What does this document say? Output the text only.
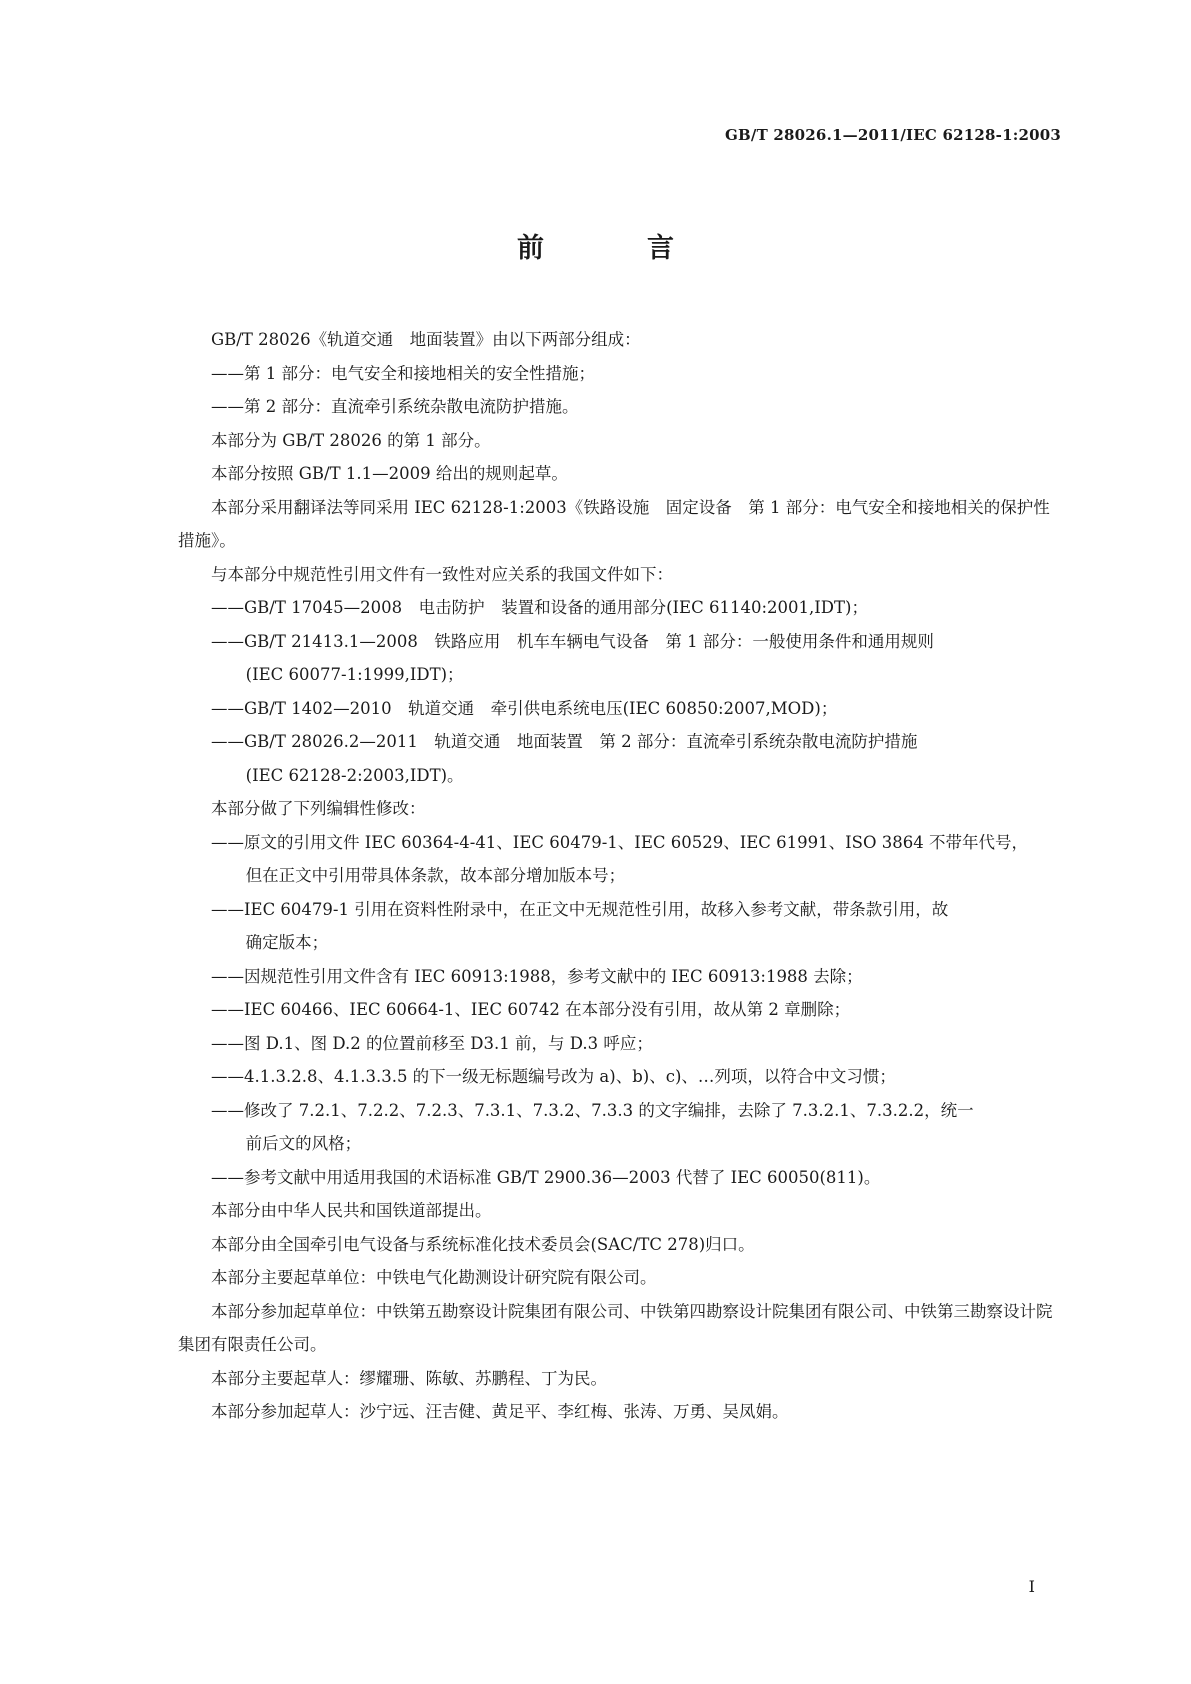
GB/T 28026.1—2011/IEC 62128-1:2003
前　言
GB/T 28026《轨道交通　地面装置》由以下两部分组成：
——第 1 部分：电气安全和接地相关的安全性措施；
——第 2 部分：直流牵引系统杂散电流防护措施。
本部分为 GB/T 28026 的第 1 部分。
本部分按照 GB/T 1.1—2009 给出的规则起草。
本部分采用翻译法等同采用 IEC 62128-1:2003《铁路设施　固定设备　第 1 部分：电气安全和接地相关的保护性措施》。
与本部分中规范性引用文件有一致性对应关系的我国文件如下：
——GB/T 17045—2008　电击防护　装置和设备的通用部分(IEC 61140:2001,IDT)；
——GB/T 21413.1—2008　铁路应用　机车车辆电气设备　第 1 部分：一般使用条件和通用规则
(IEC 60077-1:1999,IDT)；
——GB/T 1402—2010　轨道交通　牵引供电系统电压(IEC 60850:2007,MOD)；
——GB/T 28026.2—2011　轨道交通　地面装置　第 2 部分：直流牵引系统杂散电流防护措施
(IEC 62128-2:2003,IDT)。
本部分做了下列编辑性修改：
——原文的引用文件 IEC 60364-4-41、IEC 60479-1、IEC 60529、IEC 61991、ISO 3864 不带年代号，
但在正文中引用带具体条款，故本部分增加版本号；
——IEC 60479-1 引用在资料性附录中，在正文中无规范性引用，故移入参考文献，带条款引用，故
确定版本；
——因规范性引用文件含有 IEC 60913:1988，参考文献中的 IEC 60913:1988 去除；
——IEC 60466、IEC 60664-1、IEC 60742 在本部分没有引用，故从第 2 章删除；
——图 D.1、图 D.2 的位置前移至 D3.1 前，与 D.3 呼应；
——4.1.3.2.8、4.1.3.3.5 的下一级无标题编号改为 a)、b)、c)、…列项，以符合中文习惯；
——修改了 7.2.1、7.2.2、7.2.3、7.3.1、7.3.2、7.3.3 的文字编排，去除了 7.3.2.1、7.3.2.2，统一
前后文的风格；
——参考文献中用适用我国的术语标准 GB/T 2900.36—2003 代替了 IEC 60050(811)。
本部分由中华人民共和国铁道部提出。
本部分由全国牵引电气设备与系统标准化技术委员会(SAC/TC 278)归口。
本部分主要起草单位：中铁电气化勘测设计研究院有限公司。
本部分参加起草单位：中铁第五勘察设计院集团有限公司、中铁第四勘察设计院集团有限公司、中铁第三勘察设计院集团有限责任公司。
本部分主要起草人：缪耀珊、陈敏、苏鹏程、丁为民。
本部分参加起草人：沙宁远、汪吉健、黄足平、李红梅、张涛、万勇、吴凤娟。
I
